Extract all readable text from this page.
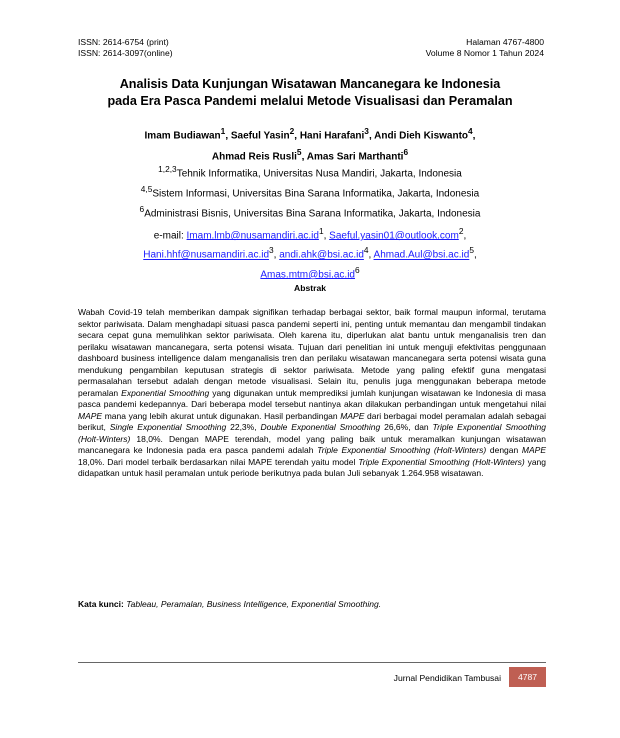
ISSN: 2614-6754 (print)
ISSN: 2614-3097(online)
Halaman 4767-4800
Volume 8 Nomor 1 Tahun 2024
Analisis Data Kunjungan Wisatawan Mancanegara ke Indonesia
pada Era Pasca Pandemi melalui Metode Visualisasi dan Peramalan
Imam Budiawan$^1$, Saeful Yasin$^2$, Hani Harafani$^3$, Andi Dieh Kiswanto$^4$,
Ahmad Reis Rusli$^5$, Amas Sari Marthanti$^6$
$^{1,2,3}$Tehnik Informatika, Universitas Nusa Mandiri, Jakarta, Indonesia
$^{4,5}$Sistem Informasi, Universitas Bina Sarana Informatika, Jakarta, Indonesia
$^6$Administrasi Bisnis, Universitas Bina Sarana Informatika, Jakarta, Indonesia
e-mail: $Imam.lmb@nusamandiri.ac.id^1$, Saeful.yasin01@outlook.com$^2$,
$Hani.hhf@nusamandiri.ac.id^3$, $andi.ahk@bsi.ac.id^4$, $Ahmad.Aul@bsi.ac.id^5$,
$Amas.mtm@bsi.ac.id^6$
Abstrak
Wabah Covid-19 telah memberikan dampak signifikan terhadap berbagai sektor, baik formal maupun informal, terutama sektor pariwisata. Dalam menghadapi situasi pasca pandemi seperti ini, penting untuk memantau dan mengambil tindakan secara cepat guna memulihkan sektor pariwisata. Oleh karena itu, diperlukan alat bantu untuk menganalisis tren dan perilaku wisatawan mancanegara, serta potensi wisata. Tujuan dari penelitian ini untuk menguji efektivitas penggunaan dashboard business intelligence dalam menganalisis tren dan perilaku wisatawan mancanegara serta potensi wisata guna mendukung pengambilan keputusan strategis di sektor pariwisata. Metode yang paling efektif guna mengatasi permasalahan tersebut adalah dengan metode visualisasi. Selain itu, penulis juga menggunakan beberapa metode peramalan Exponential Smoothing yang digunakan untuk memprediksi jumlah kunjungan wisatawan ke Indonesia di masa pasca pandemi kedepannya. Dari beberapa model tersebut nantinya akan dilakukan perbandingan untuk mengetahui nilai MAPE mana yang lebih akurat untuk digunakan. Hasil perbandingan MAPE dari berbagai model peramalan adalah sebagai berikut, Single Exponential Smoothing 22,3%, Double Exponential Smoothing 26,6%, dan Triple Exponential Smoothing (Holt-Winters) 18,0%. Dengan MAPE terendah, model yang paling baik untuk meramalkan kunjungan wisatawan mancanegara ke Indonesia pada era pasca pandemi adalah Triple Exponential Smoothing (Holt-Winters) dengan MAPE 18,0%. Dari model terbaik berdasarkan nilai MAPE terendah yaitu model Triple Exponential Smoothing (Holt-Winters) yang didapatkan untuk hasil peramalan untuk periode berikutnya pada bulan Juli sebanyak 1.264.958 wisatawan.
Kata kunci: Tableau, Peramalan, Business Intelligence, Exponential Smoothing.
Jurnal Pendidikan Tambusai	4787
